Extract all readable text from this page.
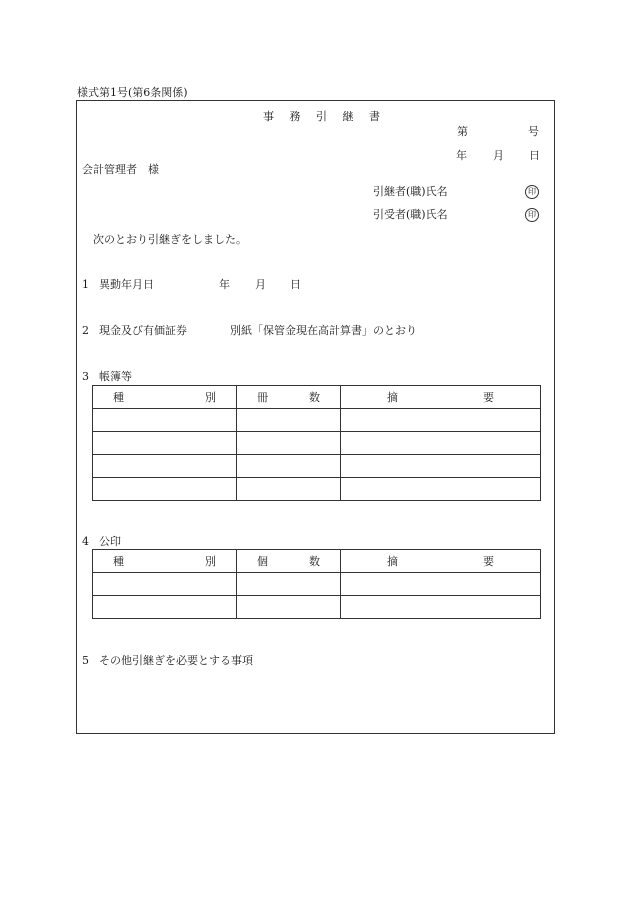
様式第1号(第6条関係)
事 務 引 継 書
第	号
年 月 日
会計管理者　様
引継者(職)氏名	印
引受者(職)氏名	印
次のとおり引継ぎをしました。
1 異動年月日	年 月 日
2 現金及び有価証券	別紙「保管金現在高計算書」のとおり
3 帳簿等
種 別	冊 数	摘 要

4 公印
種 別	個 数	摘 要

5 その他引継ぎを必要とする事項
